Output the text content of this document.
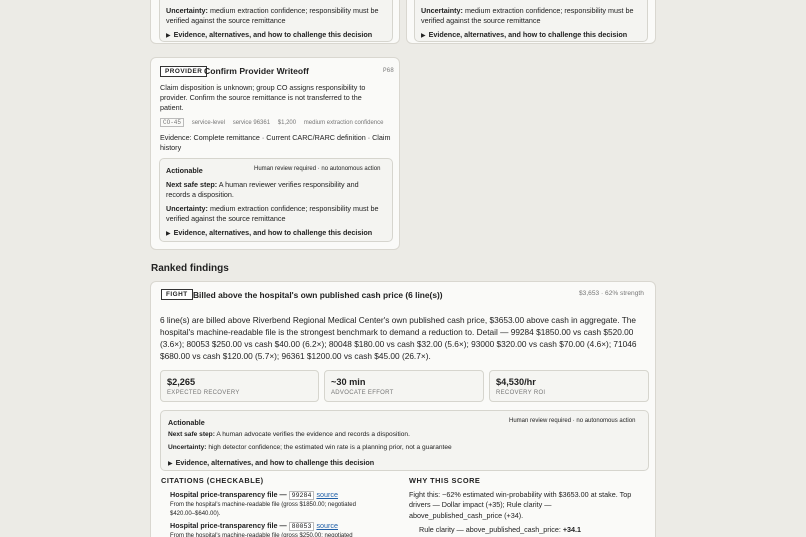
Uncertainty: medium extraction confidence; responsibility must be
verified against the source remittance
▶ Evidence, alternatives, and how to challenge this decision
Uncertainty: medium extraction confidence; responsibility must be
verified against the source remittance
▶ Evidence, alternatives, and how to challenge this decision
PROVIDER Confirm Provider Writeoff	P68
Claim disposition is unknown; group CO assigns responsibility to
provider. Confirm the source remittance is not transferred to the
patient.
CO-45 service-level service 96361 $1,200 medium extraction confidence
Evidence: Complete remittance · Current CARC/RARC definition · Claim
history
Actionable	Human review required · no autonomous action
Next safe step: A human reviewer verifies responsibility and
records a disposition.
Uncertainty: medium extraction confidence; responsibility must be
verified against the source remittance
▶ Evidence, alternatives, and how to challenge this decision
Ranked findings
FIGHT Billed above the hospital's own published cash price (6 line(s))	$3,653 · 62% strength
6 line(s) are billed above Riverbend Regional Medical Center's own published cash price, $3653.00 above cash in aggregate. The
hospital's machine-readable file is the strongest benchmark to demand a reduction to. Detail — 99284 $1850.00 vs cash $520.00
(3.6×); 80053 $250.00 vs cash $40.00 (6.2×); 80048 $180.00 vs cash $32.00 (5.6×); 93000 $320.00 vs cash $70.00 (4.6×); 71046
$680.00 vs cash $120.00 (5.7×); 96361 $1200.00 vs cash $45.00 (26.7×).
$2,265
EXPECTED RECOVERY
~30 min
ADVOCATE EFFORT
$4,530/hr
RECOVERY ROI
Actionable	Human review required · no autonomous action
Next safe step: A human advocate verifies the evidence and records a disposition.
Uncertainty: high detector confidence; the estimated win rate is a planning prior, not a guarantee
▶ Evidence, alternatives, and how to challenge this decision
CITATIONS (CHECKABLE)
Hospital price-transparency file — 99284 source
From the hospital's machine-readable file (gross $1850.00; negotiated
$420.00–$640.00).
Hospital price-transparency file — 80053 source
From the hospital's machine-readable file (gross $250.00; negotiated
WHY THIS SCORE
Fight this: ~62% estimated win-probability with $3653.00 at stake. Top
drivers — Dollar impact (+35); Rule clarity —
above_published_cash_price (+34).
Rule clarity — above_published_cash_price: +34.1
